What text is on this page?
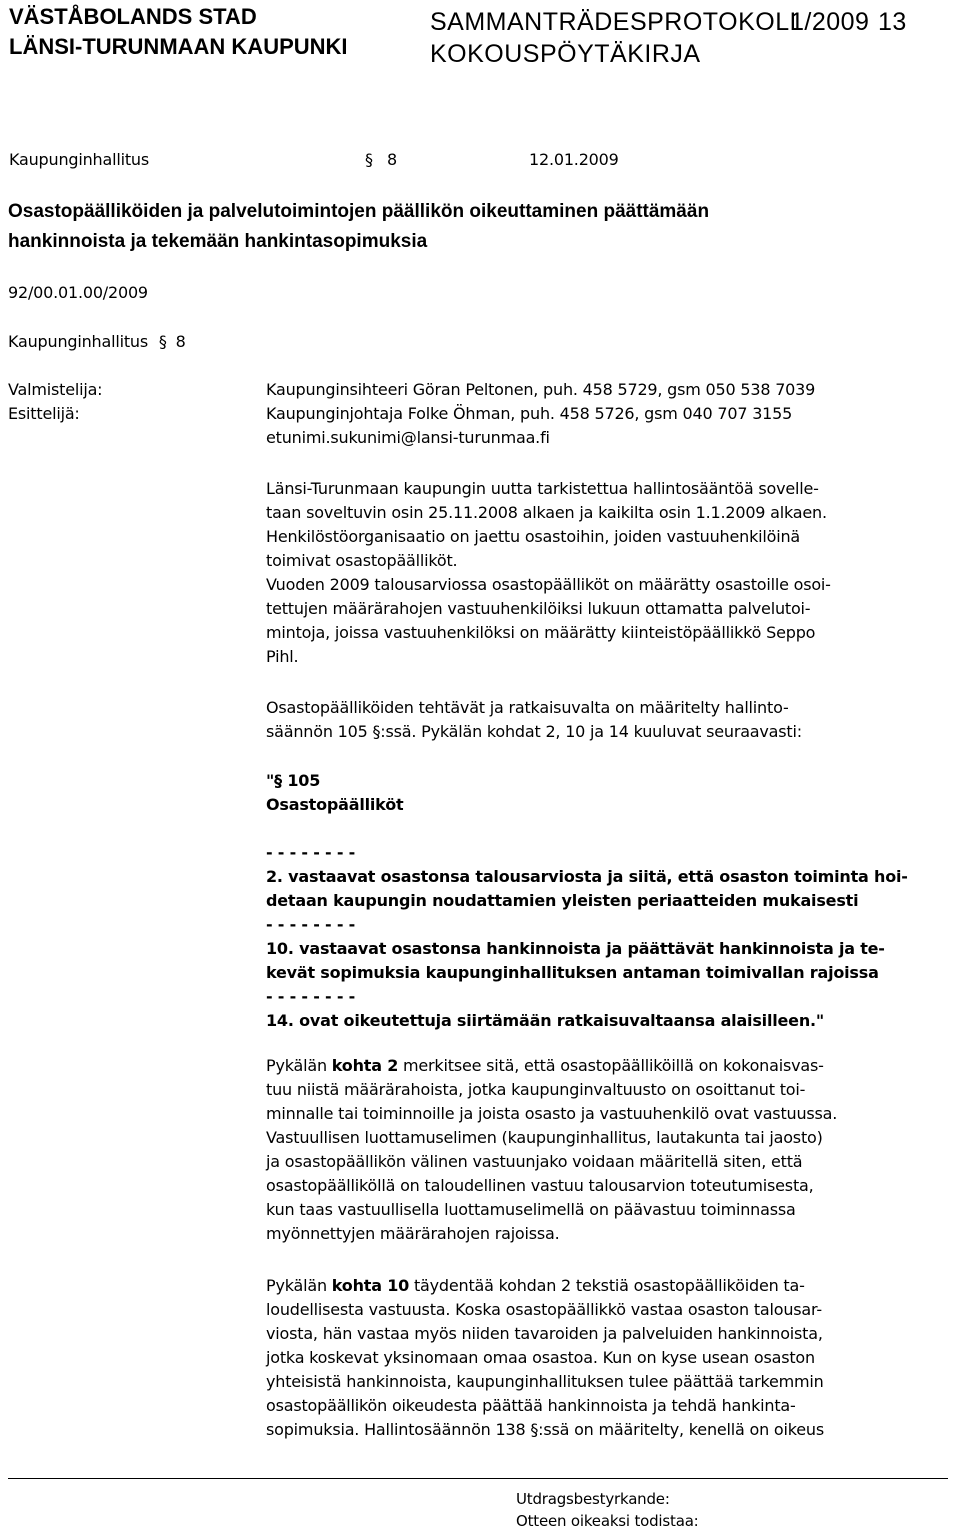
VÄSTÅBOLANDS STAD
LÄNSI-TURUNMAAN KAUPUNKI
SAMMANTRÄDESPROTOKOLL
KOKOUSPÖYTÄKIRJA
1/2009 13
Kaupunginhallitus	§ 8	12.01.2009
Osastopäälliköiden ja palvelutoimintojen päällikön oikeuttaminen päättämään
hankinnoista ja tekemään hankintasopimuksia
92/00.01.00/2009
Kaupunginhallitus § 8
Valmistelija:	Kaupunginsihteeri Göran Peltonen, puh. 458 5729, gsm 050 538 7039
Esittelijä:	Kaupunginjohtaja Folke Öhman, puh. 458 5726, gsm 040 707 3155
etunimi.sukunimi@lansi-turunmaa.fi

Länsi-Turunmaan kaupungin uutta tarkistettua hallintosääntöä sovelle-

taan soveltuvin osin 25.11.2008 alkaen ja kaikilta osin 1.1.2009 alkaen.

Henkilöstöorganisaatio on jaettu osastoihin, joiden vastuuhenkilöinä

toimivat osastopäälliköt.

Vuoden 2009 talousarviossa osastopäälliköt on määrätty osastoille osoi-

tettujen määrärahojen vastuuhenkilöiksi lukuun ottamatta palvelutoi-

mintoja, joissa vastuuhenkilöksi on määrätty kiinteistöpäällikkö Seppo

Pihl.

Osastopäälliköiden tehtävät ja ratkaisuvalta on määritelty hallinto-

säännön 105 §:ssä. Pykälän kohdat 2, 10 ja 14 kuuluvat seuraavasti:

"§ 105

Osastopäälliköt

- - - - - - - -

2. vastaavat osastonsa talousarviosta ja siitä, että osaston toiminta hoi-

detaan kaupungin noudattamien yleisten periaatteiden mukaisesti

- - - - - - - -

10. vastaavat osastonsa hankinnoista ja päättävät hankinnoista ja te-

kevät sopimuksia kaupunginhallituksen antaman toimivallan rajoissa

- - - - - - - -

14. ovat oikeutettuja siirtämään ratkaisuvaltaansa alaisilleen."

Pykälän kohta 2 merkitsee sitä, että osastopäälliköillä on kokonaisvas-

tuu niistä määrärahoista, jotka kaupunginvaltuusto on osoittanut toi-

minnalle tai toiminnoille ja joista osasto ja vastuuhenkilö ovat vastuussa.

Vastuullisen luottamuselimen (kaupunginhallitus, lautakunta tai jaosto)

ja osastopäällikön välinen vastuunjako voidaan määritellä siten, että

osastopäälliköllä on taloudellinen vastuu talousarvion toteutumisesta,

kun taas vastuullisella luottamuselimellä on päävastuu toiminnassa

myönnettyjen määrärahojen rajoissa.

Pykälän kohta 10 täydentää kohdan 2 tekstiä osastopäälliköiden ta-

loudellisesta vastuusta. Koska osastopäällikkö vastaa osaston talousar-

viosta, hän vastaa myös niiden tavaroiden ja palveluiden hankinnoista,

jotka koskevat yksinomaan omaa osastoa. Kun on kyse usean osaston

yhteisistä hankinnoista, kaupunginhallituksen tulee päättää tarkemmin

osastopäällikön oikeudesta päättää hankinnoista ja tehdä hankinta-

sopimuksia. Hallintosäännön 138 §:ssä on määritelty, kenellä on oikeus

Utdragsbestyrkande:
Otteen oikeaksi todistaa:
